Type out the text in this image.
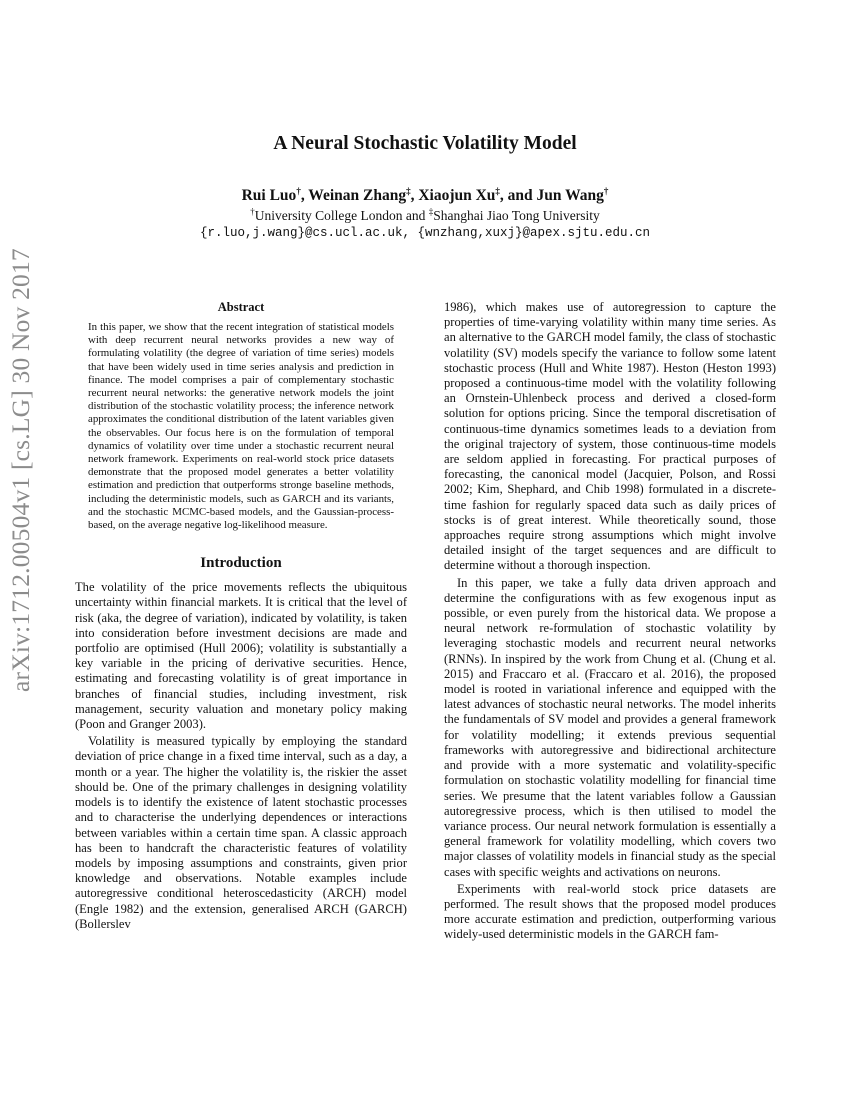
arXiv:1712.00504v1 [cs.LG] 30 Nov 2017
A Neural Stochastic Volatility Model
Rui Luo†, Weinan Zhang‡, Xiaojun Xu‡, and Jun Wang†
†University College London and ‡Shanghai Jiao Tong University
{r.luo,j.wang}@cs.ucl.ac.uk, {wnzhang,xuxj}@apex.sjtu.edu.cn
Abstract

In this paper, we show that the recent integration of statistical models with deep recurrent neural networks provides a new way of formulating volatility (the degree of variation of time series) models that have been widely used in time series analysis and prediction in finance. The model comprises a pair of complementary stochastic recurrent neural networks: the generative network models the joint distribution of the stochastic volatility process; the inference network approximates the conditional distribution of the latent variables given the observables. Our focus here is on the formulation of temporal dynamics of volatility over time under a stochastic recurrent neural network framework. Experiments on real-world stock price datasets demonstrate that the proposed model generates a better volatility estimation and prediction that outperforms stronge baseline methods, including the deterministic models, such as GARCH and its variants, and the stochastic MCMC-based models, and the Gaussian-process-based, on the average negative log-likelihood measure.

Introduction

The volatility of the price movements reflects the ubiquitous uncertainty within financial markets. It is critical that the level of risk (aka, the degree of variation), indicated by volatility, is taken into consideration before investment decisions are made and portfolio are optimised (Hull 2006); volatility is substantially a key variable in the pricing of derivative securities. Hence, estimating and forecasting volatility is of great importance in branches of financial studies, including investment, risk management, security valuation and monetary policy making (Poon and Granger 2003).

Volatility is measured typically by employing the standard deviation of price change in a fixed time interval, such as a day, a month or a year. The higher the volatility is, the riskier the asset should be. One of the primary challenges in designing volatility models is to identify the existence of latent stochastic processes and to characterise the underlying dependences or interactions between variables within a certain time span. A classic approach has been to handcraft the characteristic features of volatility models by imposing assumptions and constraints, given prior knowledge and observations. Notable examples include autoregressive conditional heteroscedasticity (ARCH) model (Engle 1982) and the extension, generalised ARCH (GARCH) (Bollerslev

1986), which makes use of autoregression to capture the properties of time-varying volatility within many time series. As an alternative to the GARCH model family, the class of stochastic volatility (SV) models specify the variance to follow some latent stochastic process (Hull and White 1987). Heston (Heston 1993) proposed a continuous-time model with the volatility following an Ornstein-Uhlenbeck process and derived a closed-form solution for options pricing. Since the temporal discretisation of continuous-time dynamics sometimes leads to a deviation from the original trajectory of system, those continuous-time models are seldom applied in forecasting. For practical purposes of forecasting, the canonical model (Jacquier, Polson, and Rossi 2002; Kim, Shephard, and Chib 1998) formulated in a discrete-time fashion for regularly spaced data such as daily prices of stocks is of great interest. While theoretically sound, those approaches require strong assumptions which might involve detailed insight of the target sequences and are difficult to determine without a thorough inspection.

In this paper, we take a fully data driven approach and determine the configurations with as few exogenous input as possible, or even purely from the historical data. We propose a neural network re-formulation of stochastic volatility by leveraging stochastic models and recurrent neural networks (RNNs). In inspired by the work from Chung et al. (Chung et al. 2015) and Fraccaro et al. (Fraccaro et al. 2016), the proposed model is rooted in variational inference and equipped with the latest advances of stochastic neural networks. The model inherits the fundamentals of SV model and provides a general framework for volatility modelling; it extends previous sequential frameworks with autoregressive and bidirectional architecture and provide with a more systematic and volatility-specific formulation on stochastic volatility modelling for financial time series. We presume that the latent variables follow a Gaussian autoregressive process, which is then utilised to model the variance process. Our neural network formulation is essentially a general framework for volatility modelling, which covers two major classes of volatility models in financial study as the special cases with specific weights and activations on neurons.

Experiments with real-world stock price datasets are performed. The result shows that the proposed model produces more accurate estimation and prediction, outperforming various widely-used deterministic models in the GARCH fam-
